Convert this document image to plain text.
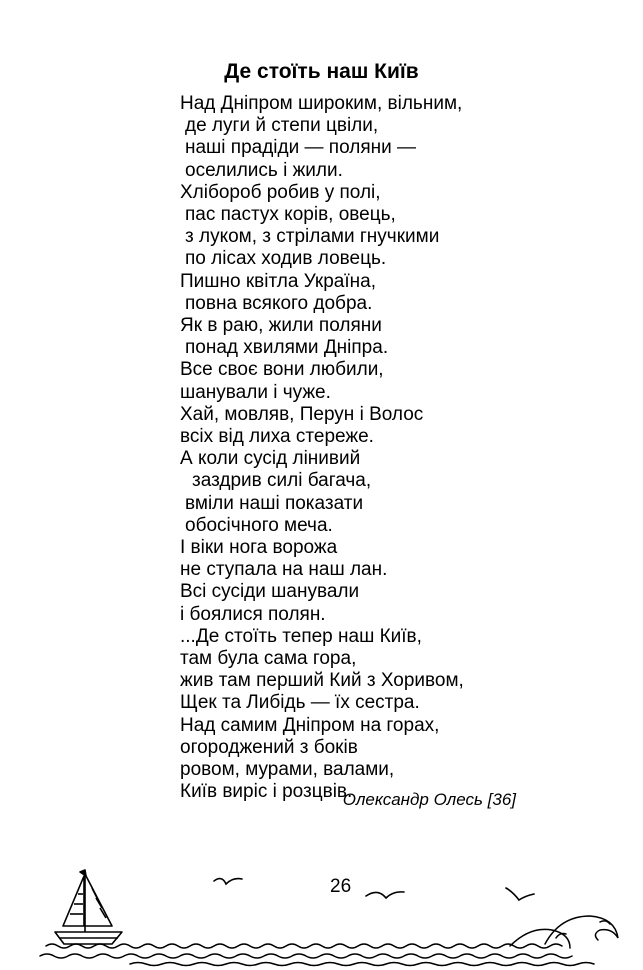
Де стоїть наш Київ
Над Дніпром широким, вільним,
де луги й степи цвіли,
наші прадіди — поляни —
оселились і жили.
Хлібороб робив у полі,
пас пастух корів, овець,
з луком, з стрілами гнучкими
по лісах ходив ловець.
Пишно квітла Україна,
повна всякого добра.
Як в раю, жили поляни
понад хвилями Дніпра.
Все своє вони любили,
шанували і чуже.
Хай, мовляв, Перун і Волос
всіх від лиха стереже.
А коли сусід лінивий
заздрив силі багача,
вміли наші показати
обосічного меча.
І віки нога ворожа
не ступала на наш лан.
Всі сусіди шанували
і боялися полян.
...Де стоїть тепер наш Київ,
там була сама гора,
жив там перший Кий з Хоривом,
Щек та Либідь — їх сестра.
Над самим Дніпром на горах,
огороджений з боків
ровом, мурами, валами,
Київ виріс і розцвів.
Олександр Олесь [36]
26
